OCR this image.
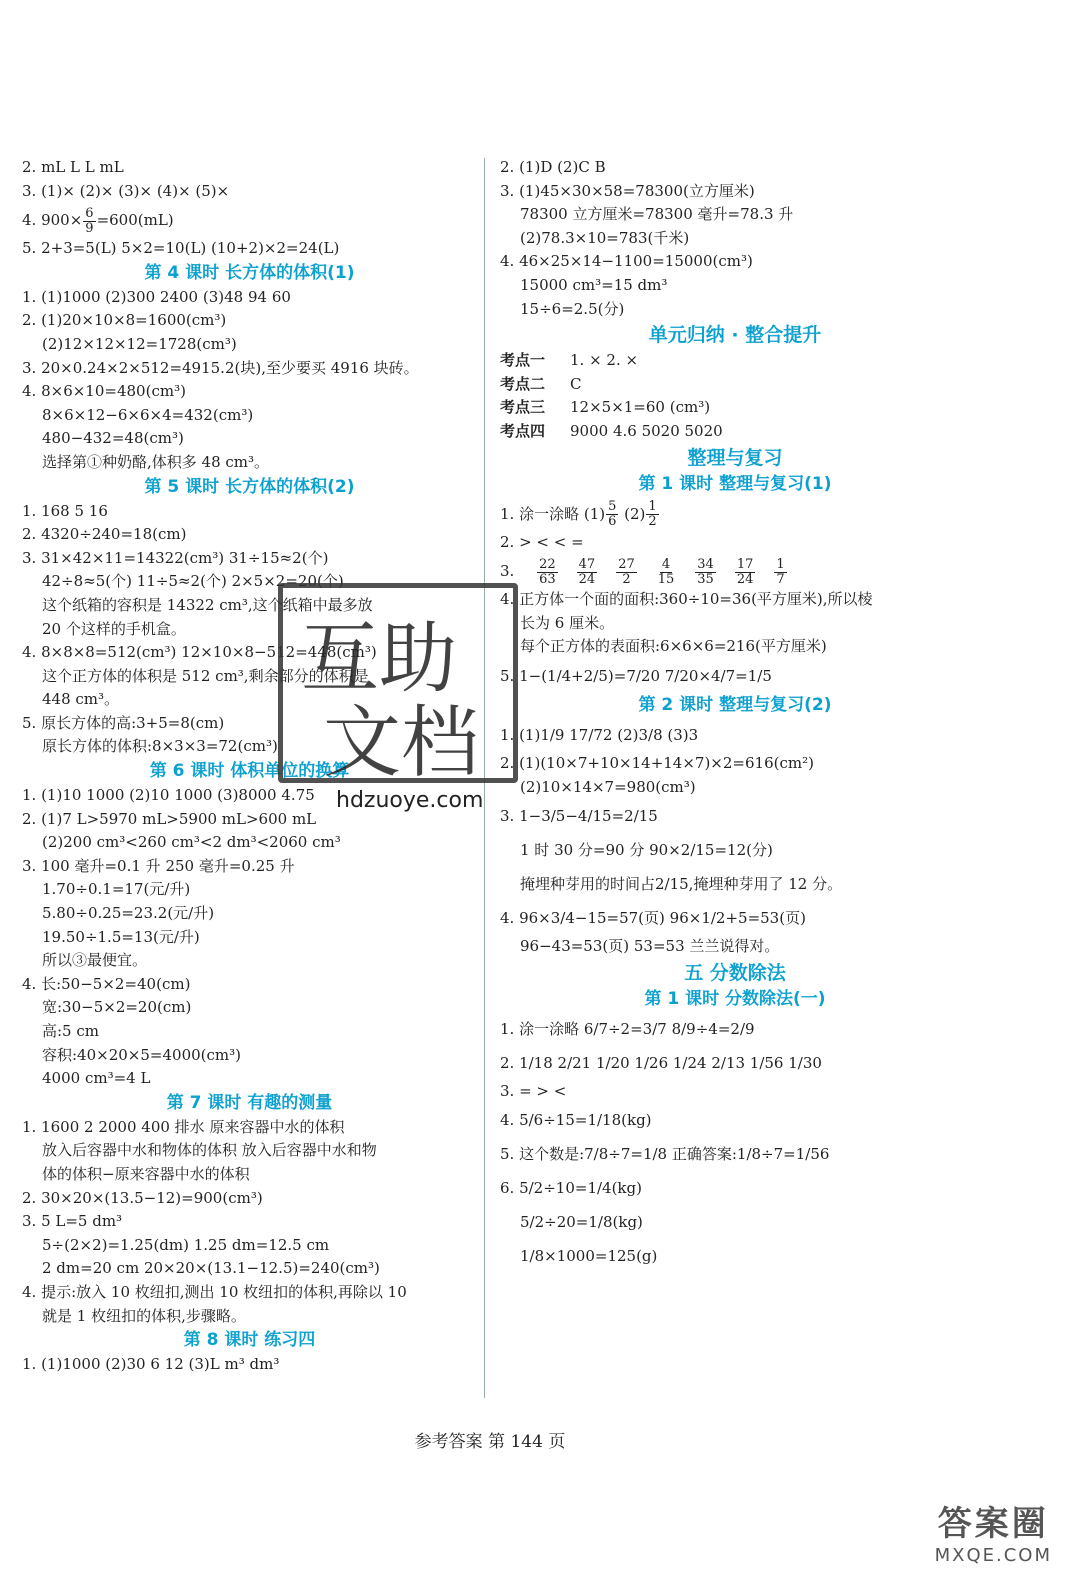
2. mL L L mL
3. (1)× (2)× (3)× (4)× (5)×
4. $900\times \frac{6}{9} =600(mL)$
5. 2+3=5(L) 5×2=10(L) (10+2)×2=24(L)
第 4 课时 长方体的体积(1)
1. (1)1000 (2)300 2400 (3)48 94 60
2. (1)20×10×8=1600(cm³)
(2)12×12×12=1728(cm³)
3. 20×0.24×2×512=4915.2(块),至少要买 4916 块砖。
4. 8×6×10=480(cm³)
8×6×12−6×6×4=432(cm³)
480−432=48(cm³)
选择第①种奶酪,体积多 48 cm³。
第 5 课时 长方体的体积(2)
1. 168 5 16
2. 4320÷240=18(cm)
3. 31×42×11=14322(cm³) 31÷15≈2(个)
42÷8≈5(个) 11÷5≈2(个) 2×5×2=20(个)
这个纸箱的容积是 14322 cm³,这个纸箱中最多放
20 个这样的手机盒。
4. 8×8×8=512(cm³) 12×10×8−512=448(cm³)
这个正方体的体积是 512 cm³,剩余部分的体积是
448 cm³。
5. 原长方体的高:3+5=8(cm)
原长方体的体积:8×3×3=72(cm³)
第 6 课时 体积单位的换算
1. (1)10 1000 (2)10 1000 (3)8000 4.75
2. (1)7 L>5970 mL>5900 mL>600 mL
(2)200 cm³<260 cm³<2 dm³<2060 cm³
3. 100 毫升=0.1 升 250 毫升=0.25 升
1.70÷0.1=17(元/升)
5.80÷0.25=23.2(元/升)
19.50÷1.5=13(元/升)
所以③最便宜。
4. 长:50−5×2=40(cm)
宽:30−5×2=20(cm)
高:5 cm
容积:40×20×5=4000(cm³)
4000 cm³=4 L
第 7 课时 有趣的测量
1. 1600 2 2000 400 排水 原来容器中水的体积
放入后容器中水和物体的体积 放入后容器中水和物
体的体积−原来容器中水的体积
2. 30×20×(13.5−12)=900(cm³)
3. 5 L=5 dm³
5÷(2×2)=1.25(dm) 1.25 dm=12.5 cm
2 dm=20 cm 20×20×(13.1−12.5)=240(cm³)
4. 提示:放入 10 枚纽扣,测出 10 枚纽扣的体积,再除以 10
就是 1 枚纽扣的体积,步骤略。
第 8 课时 练习四
1. (1)1000 (2)30 6 12 (3)L m³ dm³
2. (1)D (2)C B
3. (1)45×30×58=78300(立方厘米)
78300 立方厘米=78300 毫升=78.3 升
(2)78.3×10=783(千米)
4. 46×25×14−1100=15000(cm³)
15000 cm³=15 dm³
15÷6=2.5(分)
单元归纳 · 整合提升
考点一 1. × 2. ×
考点二 C
考点三 12×5×1=60 (cm³)
考点四 9000 4.6 5020 5020
整理与复习
第 1 课时 整理与复习(1)
1. 涂一涂略 $(1) \frac{5}{6} (2) \frac{1}{2}$
2. > < < =
3. $\frac{22}{63} \frac{47}{24} \frac{27}{2} \frac{4}{15} \frac{34}{35} \frac{17}{24} \frac{1}{7}$
4. 正方体一个面的面积:360÷10=36(平方厘米),所以棱
长为 6 厘米。
每个正方体的表面积:6×6×6=216(平方厘米)
5. 1−(1/4+2/5)=7/20 7/20×4/7=1/5
第 2 课时 整理与复习(2)
1. (1)1/9 17/72 (2)3/8 (3)3
2. (1)(10×7+10×14+14×7)×2=616(cm²)
(2)10×14×7=980(cm³)
3. 1−3/5−4/15=2/15
1 时 30 分=90 分 90×2/15=12(分)
掩埋种芽用的时间占2/15,掩埋种芽用了 12 分。
4. 96×3/4−15=57(页) 96×1/2+5=53(页)
96−43=53(页) 53=53 兰兰说得对。
五 分数除法
第 1 课时 分数除法(一)
1. 涂一涂略 6/7÷2=3/7 8/9÷4=2/9
2. 1/18 2/21 1/20 1/26 1/24 2/13 1/56 1/30
3. = > <
4. 5/6÷15=1/18(kg)
5. 这个数是:7/8÷7=1/8 正确答案:1/8÷7=1/56
6. 5/2÷10=1/4(kg)
5/2÷20=1/8(kg)
1/8×1000=125(g)
参考答案 第 144 页
互助
文档
hdzuoye.com
答案圈
MXQE.COM
